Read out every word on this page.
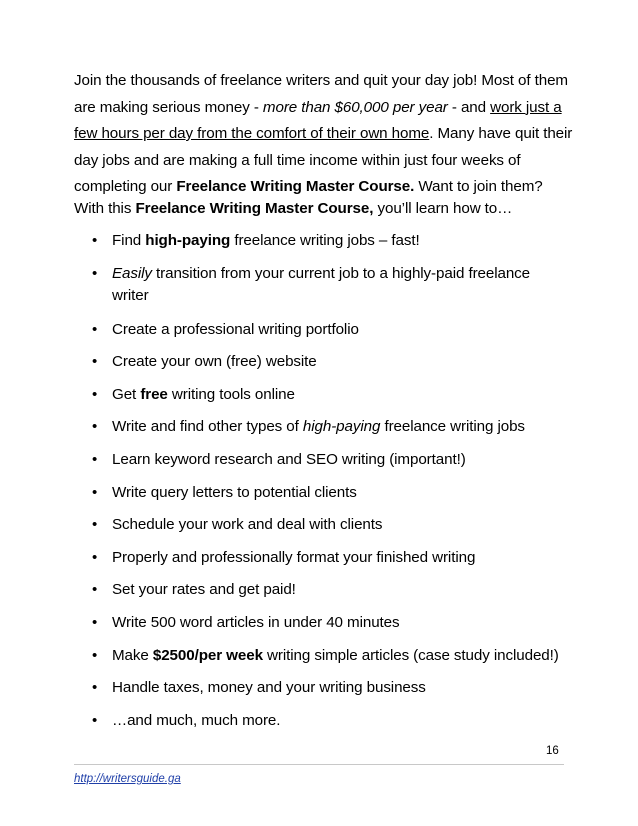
Join the thousands of freelance writers and quit your day job! Most of them are making serious money - more than $60,000 per year - and work just a few hours per day from the comfort of their own home. Many have quit their day jobs and are making a full time income within just four weeks of completing our Freelance Writing Master Course. Want to join them?

With this Freelance Writing Master Course, you’ll learn how to…

• Find high-paying freelance writing jobs – fast!
• Easily transition from your current job to a highly-paid freelance writer
• Create a professional writing portfolio
• Create your own (free) website
• Get free writing tools online
• Write and find other types of high-paying freelance writing jobs
• Learn keyword research and SEO writing (important!)
• Write query letters to potential clients
• Schedule your work and deal with clients
• Properly and professionally format your finished writing
• Set your rates and get paid!
• Write 500 word articles in under 40 minutes
• Make $2500/per week writing simple articles (case study included!)
• Handle taxes, money and your writing business
• …and much, much more.

16

http://writersguide.ga
